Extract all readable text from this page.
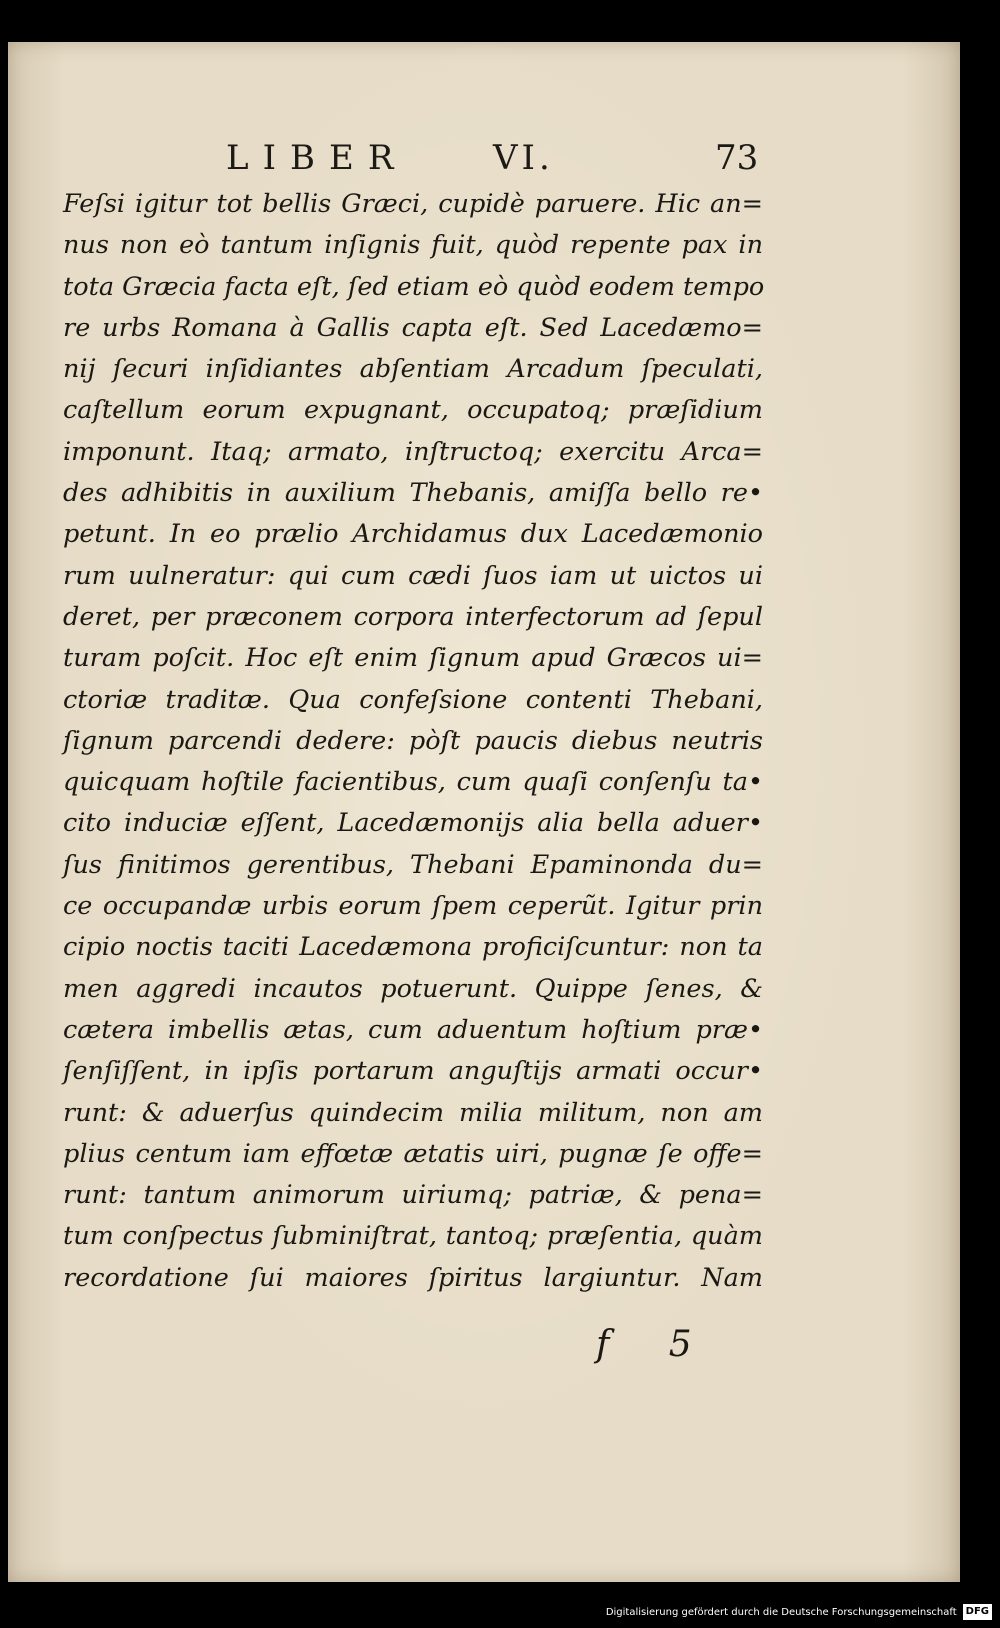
LIBER	VI.	73
Feſsi igitur tot bellis Græci, cupidè paruere. Hic an=
nus non eò tantum inſignis fuit, quòd repente pax in
tota Græcia facta eſt, ſed etiam eò quòd eodem tempo
re urbs Romana à Gallis capta eſt. Sed Lacedæmo=
nij ſecuri inſidiantes abſentiam Arcadum ſpeculati,
caſtellum eorum expugnant, occupatoq; præſidium
imponunt. Itaq; armato, inſtructoq; exercitu Arca=
des adhibitis in auxilium Thebanis, amiſſa bello re•
petunt. In eo prælio Archidamus dux Lacedæmonio
rum uulneratur: qui cum cædi ſuos iam ut uictos ui
deret, per præconem corpora interfectorum ad ſepul
turam poſcit. Hoc eſt enim ſignum apud Græcos ui=
ctoriæ traditæ. Qua confeſsione contenti Thebani,
ſignum parcendi dedere: pòſt paucis diebus neutris
quicquam hoſtile facientibus, cum quaſi conſenſu ta•
cito induciæ eſſent, Lacedæmonijs alia bella aduer•
ſus finitimos gerentibus, Thebani Epaminonda du=
ce occupandæ urbis eorum ſpem ceperũt. Igitur prin
cipio noctis taciti Lacedæmona proficiſcuntur: non ta
men aggredi incautos potuerunt. Quippe ſenes, &
cætera imbellis ætas, cum aduentum hoſtium præ•
ſenſiſſent, in ipſis portarum anguſtijs armati occur•
runt: & aduerſus quindecim milia militum, non am
plius centum iam effœtæ ætatis uiri, pugnæ ſe offe=
runt: tantum animorum uiriumq; patriæ, & pena=
tum conſpectus ſubminiſtrat, tantoq; præſentia, quàm
recordatione ſui maiores ſpiritus largiuntur. Nam
f 5
Digitalisierung gefördert durch die Deutsche Forschungsgemeinschaft DFG
